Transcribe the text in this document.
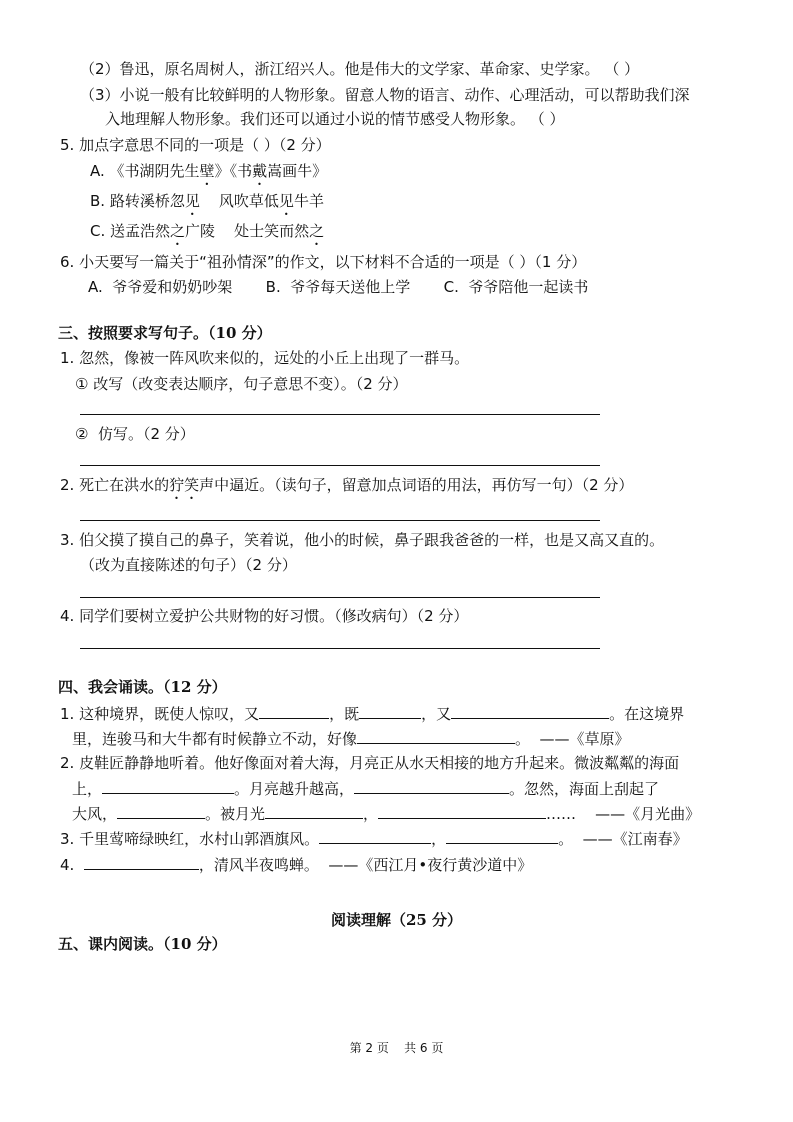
（2）鲁迅，原名周树人，浙江绍兴人。他是伟大的文学家、革命家、史学家。 （ ）
（3）小说一般有比较鲜明的人物形象。留意人物的语言、动作、心理活动，可以帮助我们深
入地理解人物形象。我们还可以通过小说的情节感受人物形象。 （ ）
5. 加点字意思不同的一项是（ ）（2 分）
A. 《书湖阴先生壁》《书戴嵩画牛》
B. 路转溪桥忽见    风吹草低见牛羊
C. 送孟浩然之广陵    处士笑而然之
6. 小天要写一篇关于“祖孙情深”的作文，以下材料不合适的一项是（ ）（1 分）
A.  爷爷爱和奶奶吵架       B.  爷爷每天送他上学       C.  爷爷陪他一起读书
三、按照要求写句子。（10 分）
1. 忽然，像被一阵风吹来似的，远处的小丘上出现了一群马。
① 改写（改变表达顺序，句子意思不变）。（2 分）
②  仿写。（2 分）
2. 死亡在洪水的狞笑声中逼近。（读句子，留意加点词语的用法，再仿写一句）（2 分）
3. 伯父摸了摸自己的鼻子，笑着说，他小的时候，鼻子跟我爸爸的一样，也是又高又直的。
（改为直接陈述的句子）（2 分）
4. 同学们要树立爱护公共财物的好习惯。（修改病句）（2 分）
四、我会诵读。（12 分）
1. 这种境界，既使人惊叹，又	，既	，又	。在这境界
里，连骏马和大牛都有时候静立不动，好像	。  ——《草原》
2. 皮鞋匠静静地听着。他好像面对着大海，月亮正从水天相接的地方升起来。微波粼粼的海面
上，	。月亮越升越高，	。忽然，海面上刮起了
大风，	。被月光	，	……    ——《月光曲》
3. 千里莺啼绿映红，水村山郭酒旗风。	，	。  ——《江南春》
4.	，清风半夜鸣蝉。  ——《西江月•夜行黄沙道中》
阅读理解（25 分）
五、课内阅读。（10 分）
第 2 页    共 6 页
